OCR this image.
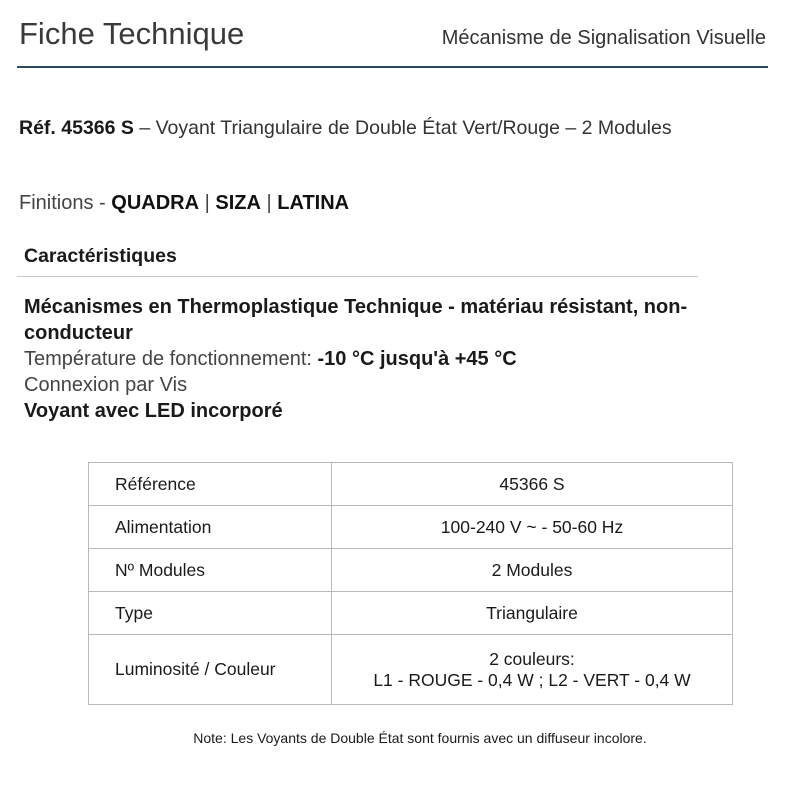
Fiche Technique	Mécanisme de Signalisation Visuelle
Réf. 45366 S – Voyant Triangulaire de Double État Vert/Rouge – 2 Modules
Finitions - QUADRA | SIZA | LATINA
Caractéristiques
Mécanismes en Thermoplastique Technique - matériau résistant, non-conducteur
Température de fonctionnement: -10 °C jusqu'à +45 °C
Connexion par Vis
Voyant avec LED incorporé
Référence	45366 S
Alimentation	100-240 V ~ - 50-60 Hz
Nº Modules	2 Modules
Type	Triangulaire
Luminosité / Couleur	2 couleurs:
L1 - ROUGE - 0,4 W ; L2 - VERT - 0,4 W
Note: Les Voyants de Double État sont fournis avec un diffuseur incolore.
